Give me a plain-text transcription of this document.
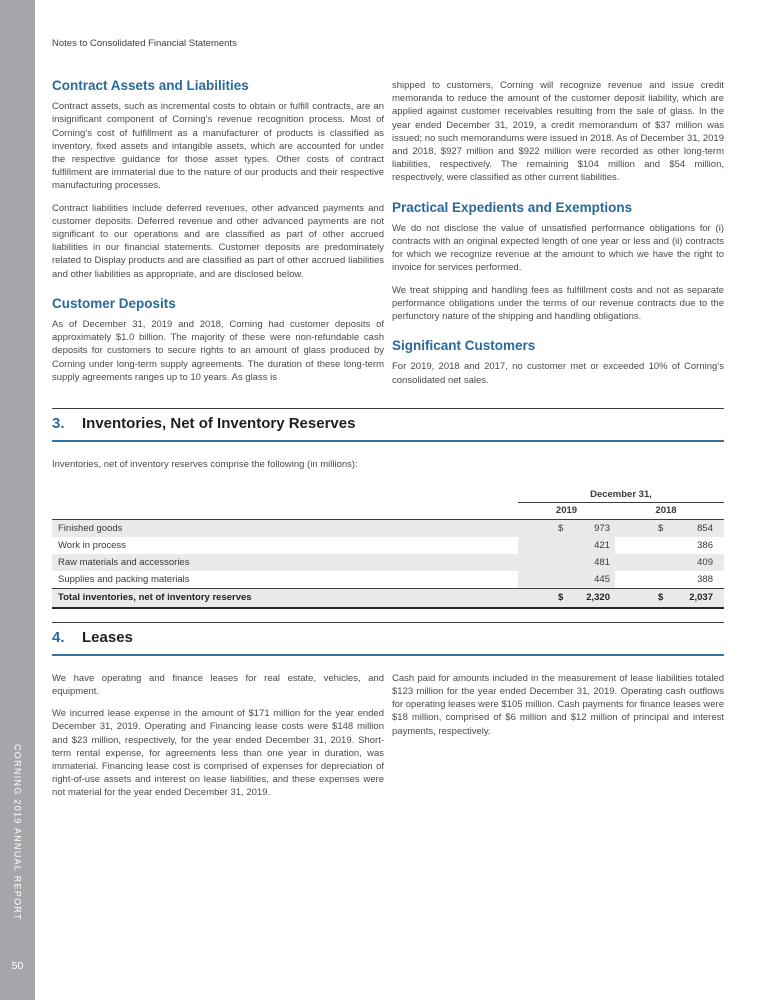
CORNING 2019 ANNUAL REPORT
50
Notes to Consolidated Financial Statements
Contract Assets and Liabilities

Contract assets, such as incremental costs to obtain or fulfill contracts, are an insignificant component of Corning’s revenue recognition process. Most of Corning’s cost of fulfillment as a manufacturer of products is classified as inventory, fixed assets and intangible assets, which are accounted for under the respective guidance for those asset types. Other costs of contract fulfillment are immaterial due to the nature of our products and their respective manufacturing processes.

Contract liabilities include deferred revenues, other advanced payments and customer deposits. Deferred revenue and other advanced payments are not significant to our operations and are classified as part of other accrued liabilities in our financial statements. Customer deposits are predominately related to Display products and are classified as part of other accrued liabilities and other liabilities as appropriate, and are disclosed below.

Customer Deposits

As of December 31, 2019 and 2018, Corning had customer deposits of approximately $1.0 billion. The majority of these were non-refundable cash deposits for customers to secure rights to an amount of glass produced by Corning under long-term supply agreements. The duration of these long-term supply agreements ranges up to 10 years. As glass is

shipped to customers, Corning will recognize revenue and issue credit memoranda to reduce the amount of the customer deposit liability, which are applied against customer receivables resulting from the sale of glass. In the year ended December 31, 2019, a credit memorandum of $37 million was issued; no such memorandums were issued in 2018. As of December 31, 2019 and 2018, $927 million and $922 million were recorded as other long-term liabilities, respectively. The remaining $104 million and $54 million, respectively, were classified as other current liabilities.

Practical Expedients and Exemptions

We do not disclose the value of unsatisfied performance obligations for (i) contracts with an original expected length of one year or less and (ii) contracts for which we recognize revenue at the amount to which we have the right to invoice for services performed.

We treat shipping and handling fees as fulfillment costs and not as separate performance obligations under the terms of our revenue contracts due to the perfunctory nature of the shipping and handling obligations.

Significant Customers

For 2019, 2018 and 2017, no customer met or exceeded 10% of Corning’s consolidated net sales.

3.	Inventories, Net of Inventory Reserves

Inventories, net of inventory reserves comprise the following (in millions):

December 31,
2019	2018
Finished goods	$	973	$	854
Work in process	421	386
Raw materials and accessories	481	409
Supplies and packing materials	445	388
Total inventories, net of inventory reserves	$ 2,320	$	2,037
4.	Leases

We have operating and finance leases for real estate, vehicles, and equipment.

We incurred lease expense in the amount of $171 million for the year ended December 31, 2019. Operating and Financing lease costs were $148 million and $23 million, respectively, for the year ended December 31, 2019. Short-term rental expense, for agreements less than one year in duration, was immaterial. Financing lease cost is comprised of expenses for depreciation of right-of-use assets and interest on lease liabilities, and these expenses were not material for the year ended December 31, 2019.

Cash paid for amounts included in the measurement of lease liabilities totaled $123 million for the year ended December 31, 2019. Operating cash outflows for operating leases were $105 million. Cash payments for finance leases were $18 million, comprised of $6 million and $12 million of principal and interest payments, respectively.
